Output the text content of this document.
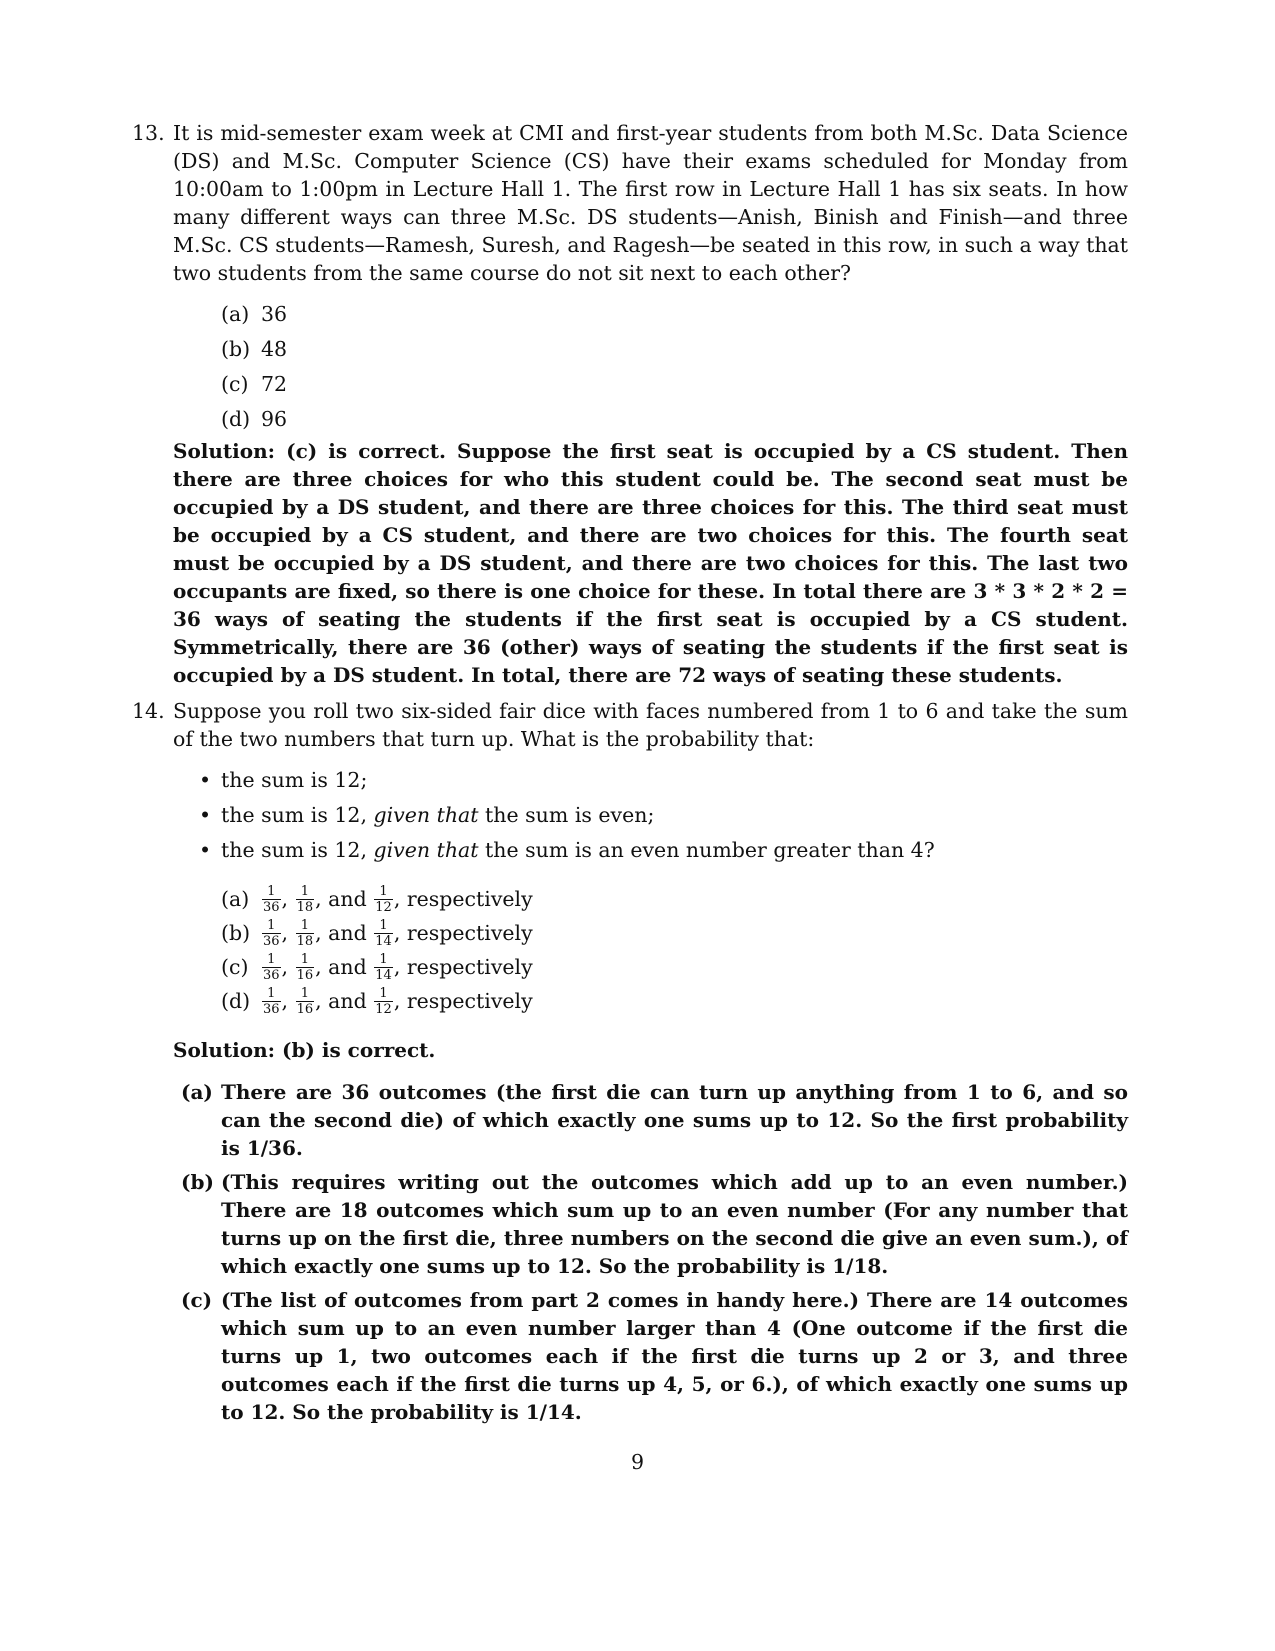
13. It is mid-semester exam week at CMI and first-year students from both M.Sc. Data Science (DS) and M.Sc. Computer Science (CS) have their exams scheduled for Monday from 10:00am to 1:00pm in Lecture Hall 1. The first row in Lecture Hall 1 has six seats. In how many different ways can three M.Sc. DS students—Anish, Binish and Finish—and three M.Sc. CS students—Ramesh, Suresh, and Ragesh—be seated in this row, in such a way that two students from the same course do not sit next to each other?

(a) 36
(b) 48
(c) 72
(d) 96

Solution: (c) is correct. Suppose the first seat is occupied by a CS student. Then there are three choices for who this student could be. The second seat must be occupied by a DS student, and there are three choices for this. The third seat must be occupied by a CS student, and there are two choices for this. The fourth seat must be occupied by a DS student, and there are two choices for this. The last two occupants are fixed, so there is one choice for these. In total there are 3 * 3 * 2 * 2 = 36 ways of seating the students if the first seat is occupied by a CS student. Symmetrically, there are 36 (other) ways of seating the students if the first seat is occupied by a DS student. In total, there are 72 ways of seating these students.

14. Suppose you roll two six-sided fair dice with faces numbered from 1 to 6 and take the sum of the two numbers that turn up. What is the probability that:

• the sum is 12;
• the sum is 12, given that the sum is even;
• the sum is 12, given that the sum is an even number greater than 4?
$(a) \frac{1}{36}$ , $\frac{1}{18}$ , and
$\frac{1}{12}$ , respectively
$(b) \frac{1}{36}$ , $\frac{1}{18}$ , and
$\frac{1}{14}$ , respectively
(c)	$\frac{1}{36}$ , $\frac{1}{16}$ , and
$\frac{1}{14}$ , respectively
$(d) \frac{1}{36}$ , $\frac{1}{16}$ , and
$\frac{1}{12}$ , respectively

Solution: (b) is correct.

(a) There are 36 outcomes (the first die can turn up anything from 1 to 6, and so can the second die) of which exactly one sums up to 12. So the first probability is 1/36.
(b) (This requires writing out the outcomes which add up to an even number.) There are 18 outcomes which sum up to an even number (For any number that turns up on the first die, three numbers on the second die give an even sum.), of which exactly one sums up to 12. So the probability is 1/18.
(c) (The list of outcomes from part 2 comes in handy here.) There are 14 outcomes which sum up to an even number larger than 4 (One outcome if the first die turns up 1, two outcomes each if the first die turns up 2 or 3, and three outcomes each if the first die turns up 4, 5, or 6.), of which exactly one sums up to 12. So the probability is 1/14.
9
